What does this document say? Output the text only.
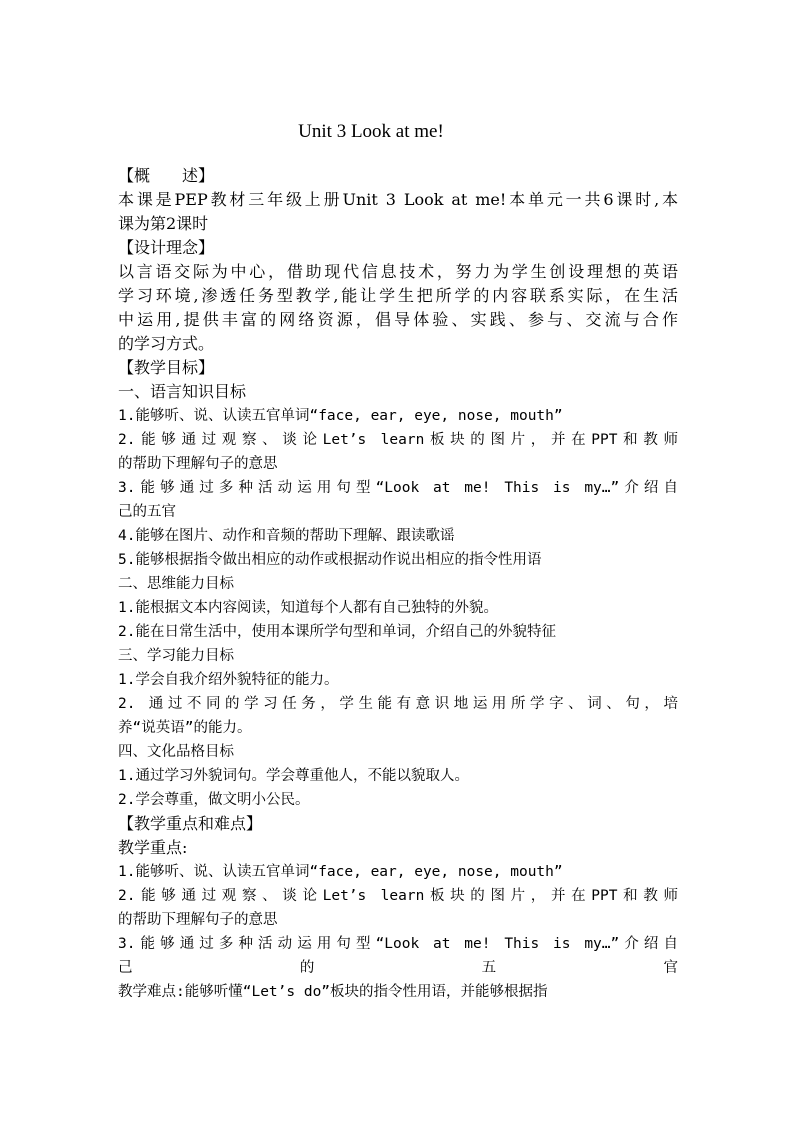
Unit 3 Look at me!
【概　　述】
本课是PEP教材三年级上册Unit 3 Look at me!本单元一共6课时,本
课为第2课时
【设计理念】
以言语交际为中心，借助现代信息技术，努力为学生创设理想的英语
学习环境,渗透任务型教学,能让学生把所学的内容联系实际，在生活
中运用,提供丰富的网络资源，倡导体验、实践、参与、交流与合作
的学习方式。
【教学目标】
一、语言知识目标
1.能够听、说、认读五官单词“face, ear, eye, nose, mouth”
2.能够通过观察、谈论Let’s learn板块的图片，并在PPT和教师
的帮助下理解句子的意思
3.能够通过多种活动运用句型“Look at me! This is my…”介绍自
己的五官
4.能够在图片、动作和音频的帮助下理解、跟读歌谣
5.能够根据指令做出相应的动作或根据动作说出相应的指令性用语
二、思维能力目标
1.能根据文本内容阅读，知道每个人都有自己独特的外貌。
2.能在日常生活中，使用本课所学句型和单词，介绍自己的外貌特征
三、学习能力目标
1.学会自我介绍外貌特征的能力。
2. 通过不同的学习任务，学生能有意识地运用所学字、词、句，培
养“说英语”的能力。
四、文化品格目标
1.通过学习外貌词句。学会尊重他人，不能以貌取人。
2.学会尊重，做文明小公民。
【教学重点和难点】
教学重点:
1.能够听、说、认读五官单词“face, ear, eye, nose, mouth”
2.能够通过观察、谈论Let’s learn板块的图片，并在PPT和教师
的帮助下理解句子的意思
3.能够通过多种活动运用句型“Look at me! This is my…”介绍自
己的五官
教学难点:能够听懂“Let’s do”板块的指令性用语，并能够根据指
